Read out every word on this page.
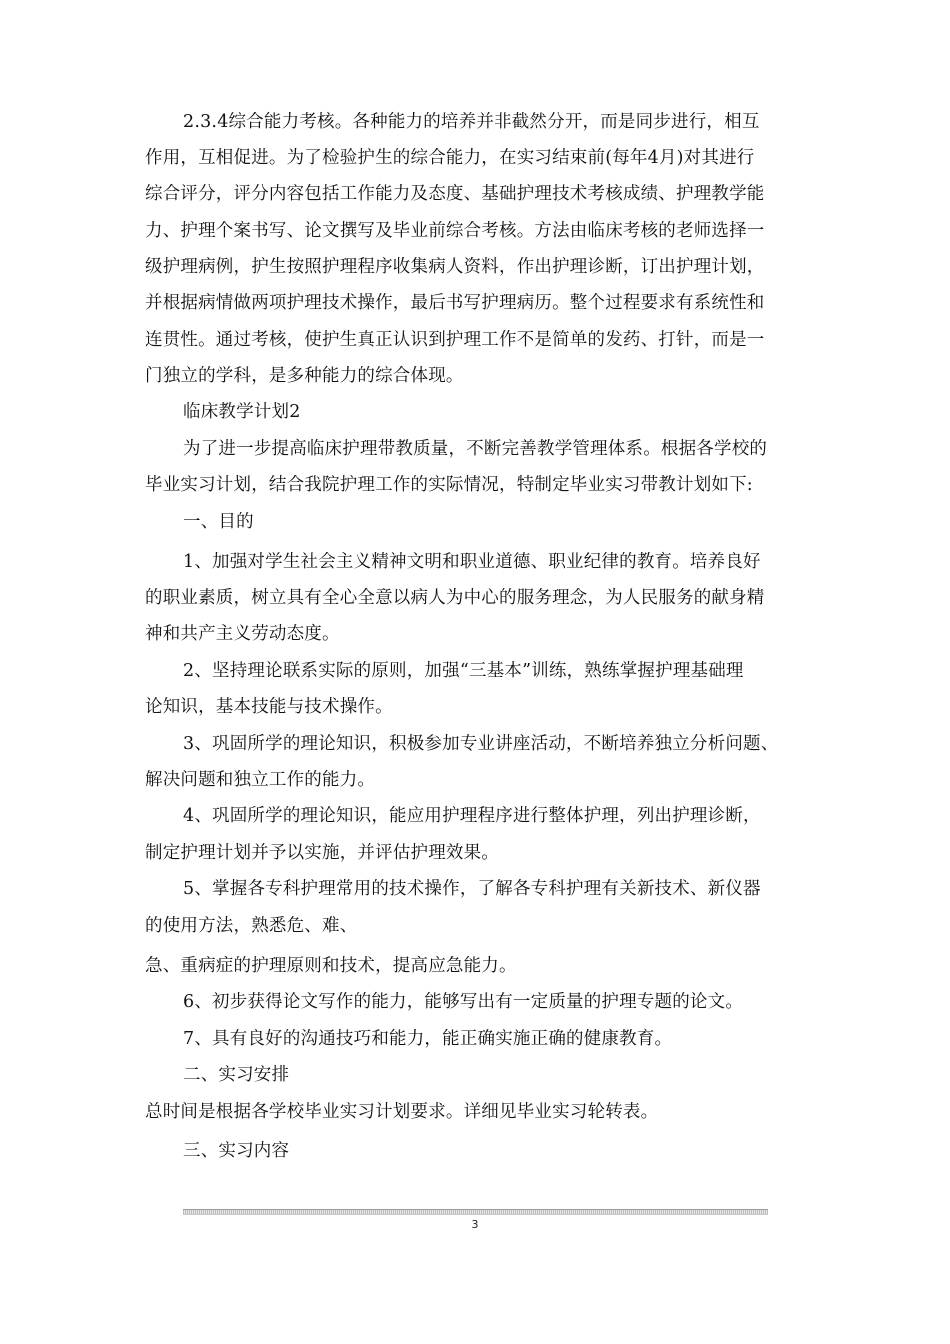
2.3.4综合能力考核。各种能力的培养并非截然分开，而是同步进行，相互
作用，互相促进。为了检验护生的综合能力，在实习结束前(每年4月)对其进行
综合评分，评分内容包括工作能力及态度、基础护理技术考核成绩、护理教学能
力、护理个案书写、论文撰写及毕业前综合考核。方法由临床考核的老师选择一
级护理病例，护生按照护理程序收集病人资料，作出护理诊断，订出护理计划，
并根据病情做两项护理技术操作，最后书写护理病历。整个过程要求有系统性和
连贯性。通过考核，使护生真正认识到护理工作不是简单的发药、打针，而是一
门独立的学科，是多种能力的综合体现。
临床教学计划2
为了进一步提高临床护理带教质量，不断完善教学管理体系。根据各学校的
毕业实习计划，结合我院护理工作的实际情况，特制定毕业实习带教计划如下:
一、目的
1、加强对学生社会主义精神文明和职业道德、职业纪律的教育。培养良好
的职业素质，树立具有全心全意以病人为中心的服务理念，为人民服务的献身精
神和共产主义劳动态度。
2、坚持理论联系实际的原则，加强“三基本”训练，熟练掌握护理基础理
论知识，基本技能与技术操作。
3、巩固所学的理论知识，积极参加专业讲座活动，不断培养独立分析问题、
解决问题和独立工作的能力。
4、巩固所学的理论知识，能应用护理程序进行整体护理，列出护理诊断，
制定护理计划并予以实施，并评估护理效果。
5、掌握各专科护理常用的技术操作，了解各专科护理有关新技术、新仪器
的使用方法，熟悉危、难、
急、重病症的护理原则和技术，提高应急能力。
6、初步获得论文写作的能力，能够写出有一定质量的护理专题的论文。
7、具有良好的沟通技巧和能力，能正确实施正确的健康教育。
二、实习安排
总时间是根据各学校毕业实习计划要求。详细见毕业实习轮转表。
三、实习内容
3
